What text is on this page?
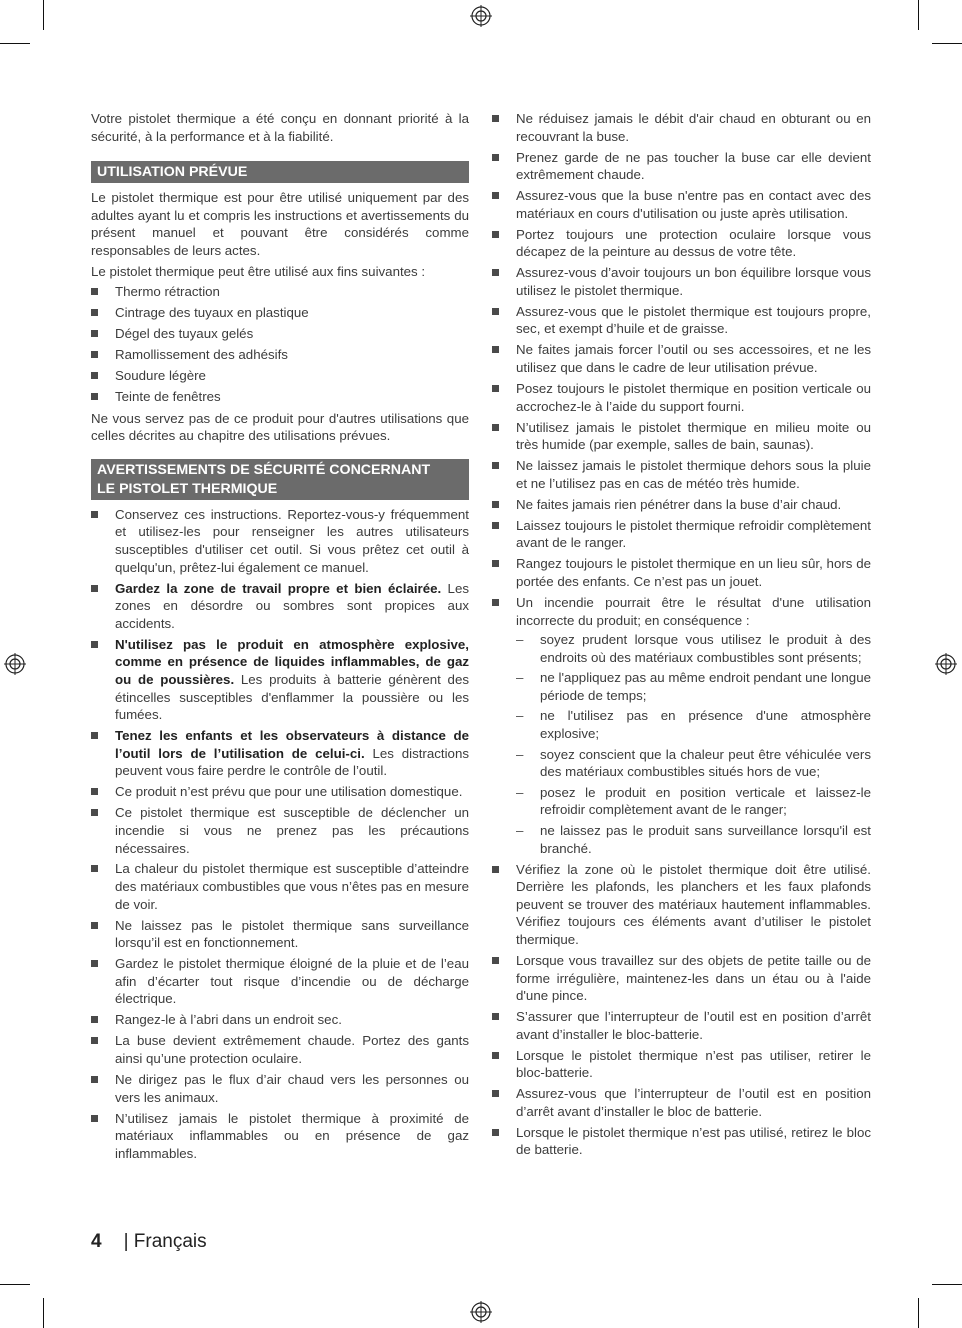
Votre pistolet thermique a été conçu en donnant priorité à la sécurité, à la performance et à la fiabilité.

UTILISATION PRÉVUE

Le pistolet thermique est pour être utilisé uniquement par des adultes ayant lu et compris les instructions et avertissements du présent manuel et pouvant être considérés comme responsables de leurs actes.

Le pistolet thermique peut être utilisé aux fins suivantes :

Thermo rétraction
Cintrage des tuyaux en plastique
Dégel des tuyaux gelés
Ramollissement des adhésifs
Soudure légère
Teinte de fenêtres

Ne vous servez pas de ce produit pour d'autres utilisations que celles décrites au chapitre des utilisations prévues.

AVERTISSEMENTS DE SÉCURITÉ CONCERNANT
LE PISTOLET THERMIQUE
Conservez ces instructions. Reportez-vous-y fréquemment et utilisez-les pour renseigner les autres utilisateurs susceptibles d'utiliser cet outil. Si vous prêtez cet outil à quelqu'un, prêtez-lui également ce manuel.
Gardez la zone de travail propre et bien éclairée. Les zones en désordre ou sombres sont propices aux accidents.
N'utilisez pas le produit en atmosphère explosive, comme en présence de liquides inflammables, de gaz ou de poussières. Les produits à batterie génèrent des étincelles susceptibles d'enflammer la poussière ou les fumées.
Tenez les enfants et les observateurs à distance de l’outil lors de l’utilisation de celui-ci. Les distractions peuvent vous faire perdre le contrôle de l’outil.
Ce produit n’est prévu que pour une utilisation domestique.
Ce pistolet thermique est susceptible de déclencher un incendie si vous ne prenez pas les précautions nécessaires.
La chaleur du pistolet thermique est susceptible d’atteindre des matériaux combustibles que vous n’êtes pas en mesure de voir.
Ne laissez pas le pistolet thermique sans surveillance lorsqu’il est en fonctionnement.
Gardez le pistolet thermique éloigné de la pluie et de l’eau afin d’écarter tout risque d’incendie ou de décharge électrique.
Rangez-le à l’abri dans un endroit sec.
La buse devient extrêmement chaude. Portez des gants ainsi qu’une protection oculaire.
Ne dirigez pas le flux d’air chaud vers les personnes ou vers les animaux.
N’utilisez jamais le pistolet thermique à proximité de matériaux inflammables ou en présence de gaz inflammables.
Ne réduisez jamais le débit d'air chaud en obturant ou en recouvrant la buse.
Prenez garde de ne pas toucher la buse car elle devient extrêmement chaude.
Assurez-vous que la buse n'entre pas en contact avec des matériaux en cours d'utilisation ou juste après utilisation.
Portez toujours une protection oculaire lorsque vous décapez de la peinture au dessus de votre tête.
Assurez-vous d’avoir toujours un bon équilibre lorsque vous utilisez le pistolet thermique.
Assurez-vous que le pistolet thermique est toujours propre, sec, et exempt d’huile et de graisse.
Ne faites jamais forcer l’outil ou ses accessoires, et ne les utilisez que dans le cadre de leur utilisation prévue.
Posez toujours le pistolet thermique en position verticale ou accrochez-le à l’aide du support fourni.
N’utilisez jamais le pistolet thermique en milieu moite ou très humide (par exemple, salles de bain, saunas).
Ne laissez jamais le pistolet thermique dehors sous la pluie et ne l’utilisez pas en cas de météo très humide.
Ne faites jamais rien pénétrer dans la buse d’air chaud.
Laissez toujours le pistolet thermique refroidir complètement avant de le ranger.
Rangez toujours le pistolet thermique en un lieu sûr, hors de portée des enfants. Ce n’est pas un jouet.
Un incendie pourrait être le résultat d'une utilisation incorrecte du produit; en conséquence :
– soyez prudent lorsque vous utilisez le produit à des endroits où des matériaux combustibles sont présents;
– ne l'appliquez pas au même endroit pendant une longue période de temps;
– ne l'utilisez pas en présence d'une atmosphère explosive;
– soyez conscient que la chaleur peut être véhiculée vers des matériaux combustibles situés hors de vue;
– posez le produit en position verticale et laissez-le refroidir complètement avant de le ranger;
– ne laissez pas le produit sans surveillance lorsqu'il est branché.
Vérifiez la zone où le pistolet thermique doit être utilisé. Derrière les plafonds, les planchers et les faux plafonds peuvent se trouver des matériaux hautement inflammables. Vérifiez toujours ces éléments avant d’utiliser le pistolet thermique.
Lorsque vous travaillez sur des objets de petite taille ou de forme irrégulière, maintenez-les dans un étau ou à l'aide d'une pince.
S’assurer que l’interrupteur de l’outil est en position d’arrêt avant d’installer le bloc-batterie.
Lorsque le pistolet thermique n’est pas utiliser, retirer le bloc-batterie.
Assurez-vous que l’interrupteur de l’outil est en position d’arrêt avant d’installer le bloc de batterie.
Lorsque le pistolet thermique n’est pas utilisé, retirez le bloc de batterie.
4 | Français
